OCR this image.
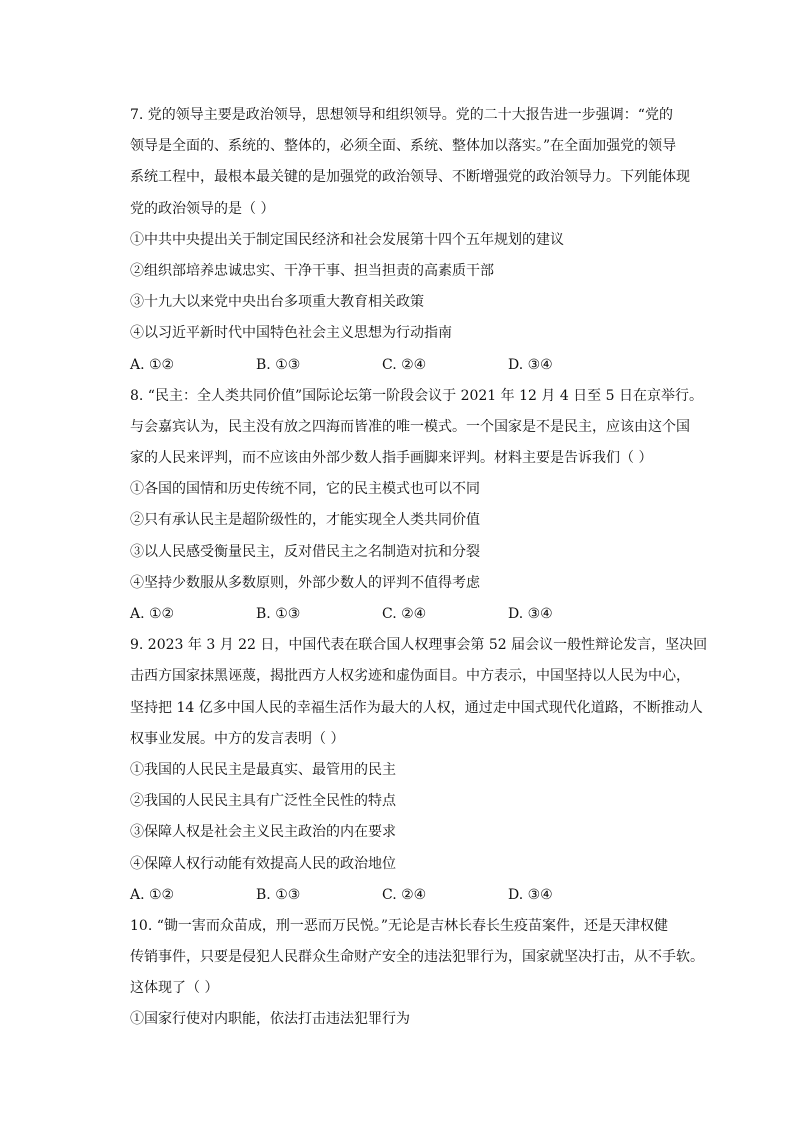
7. 党的领导主要是政治领导，思想领导和组织领导。党的二十大报告进一步强调：“党的
领导是全面的、系统的、整体的，必须全面、系统、整体加以落实。”在全面加强党的领导
系统工程中，最根本最关键的是加强党的政治领导、不断增强党的政治领导力。下列能体现
党的政治领导的是（ ）
①中共中央提出关于制定国民经济和社会发展第十四个五年规划的建议
②组织部培养忠诚忠实、干净干事、担当担责的高素质干部
③十九大以来党中央出台多项重大教育相关政策
④以习近平新时代中国特色社会主义思想为行动指南
A. ①②	B. ①③	C. ②④	D. ③④
8. “民主：全人类共同价值”国际论坛第一阶段会议于 2021 年 12 月 4 日至 5 日在京举行。
与会嘉宾认为，民主没有放之四海而皆准的唯一模式。一个国家是不是民主，应该由这个国
家的人民来评判，而不应该由外部少数人指手画脚来评判。材料主要是告诉我们（ ）
①各国的国情和历史传统不同，它的民主模式也可以不同
②只有承认民主是超阶级性的，才能实现全人类共同价值
③以人民感受衡量民主，反对借民主之名制造对抗和分裂
④坚持少数服从多数原则，外部少数人的评判不值得考虑
A. ①②	B. ①③	C. ②④	D. ③④
9. 2023 年 3 月 22 日，中国代表在联合国人权理事会第 52 届会议一般性辩论发言，坚决回
击西方国家抹黑诬蔑，揭批西方人权劣迹和虚伪面目。中方表示，中国坚持以人民为中心，
坚持把 14 亿多中国人民的幸福生活作为最大的人权，通过走中国式现代化道路，不断推动人
权事业发展。中方的发言表明（ ）
①我国的人民民主是最真实、最管用的民主
②我国的人民民主具有广泛性全民性的特点
③保障人权是社会主义民主政治的内在要求
④保障人权行动能有效提高人民的政治地位
A. ①②	B. ①③	C. ②④	D. ③④
10. “锄一害而众苗成，刑一恶而万民悦。”无论是吉林长春长生疫苗案件，还是天津权健
传销事件，只要是侵犯人民群众生命财产安全的违法犯罪行为，国家就坚决打击，从不手软。
这体现了（ ）
①国家行使对内职能，依法打击违法犯罪行为
